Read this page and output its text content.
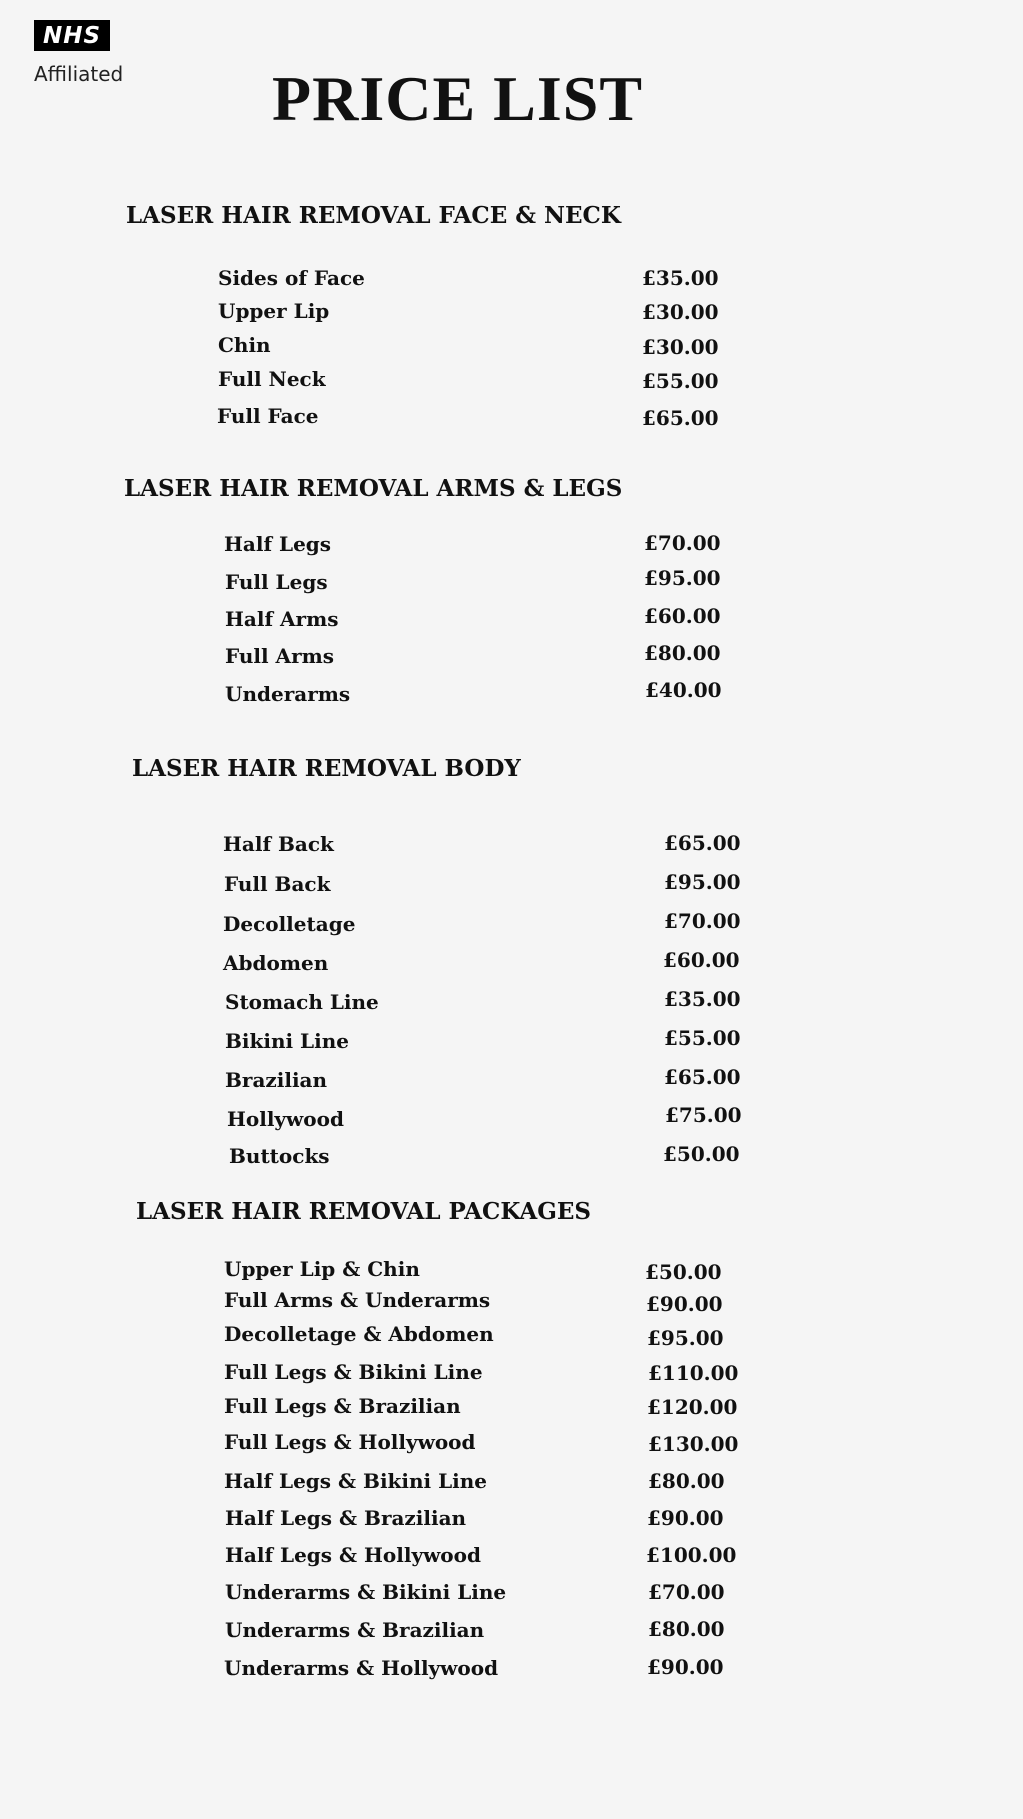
NHS
Affiliated	PRICE LIST
LASER HAIR REMOVAL FACE & NECK
Sides of Face	£35.00
Upper Lip	£30.00
Chin	£30.00
Full Neck	£55.00
Full Face	£65.00
LASER HAIR REMOVAL ARMS & LEGS
Half Legs	£70.00
Full Legs	£95.00
Half Arms	£60.00
Full Arms	£80.00
Underarms	£40.00
LASER HAIR REMOVAL BODY
Half Back	£65.00
Full Back	£95.00
Decolletage	£70.00
Abdomen	£60.00
Stomach Line	£35.00
Bikini Line	£55.00
Brazilian	£65.00
Hollywood	£75.00
Buttocks	£50.00
LASER HAIR REMOVAL PACKAGES
Upper Lip & Chin	£50.00
Full Arms & Underarms	£90.00
Decolletage & Abdomen	£95.00
Full Legs & Bikini Line	£110.00
Full Legs & Brazilian	£120.00
Full Legs & Hollywood	£130.00
Half Legs & Bikini Line	£80.00
Half Legs & Brazilian	£90.00
Half Legs & Hollywood	£100.00
Underarms & Bikini Line	£70.00
Underarms & Brazilian	£80.00
Underarms & Hollywood	£90.00
